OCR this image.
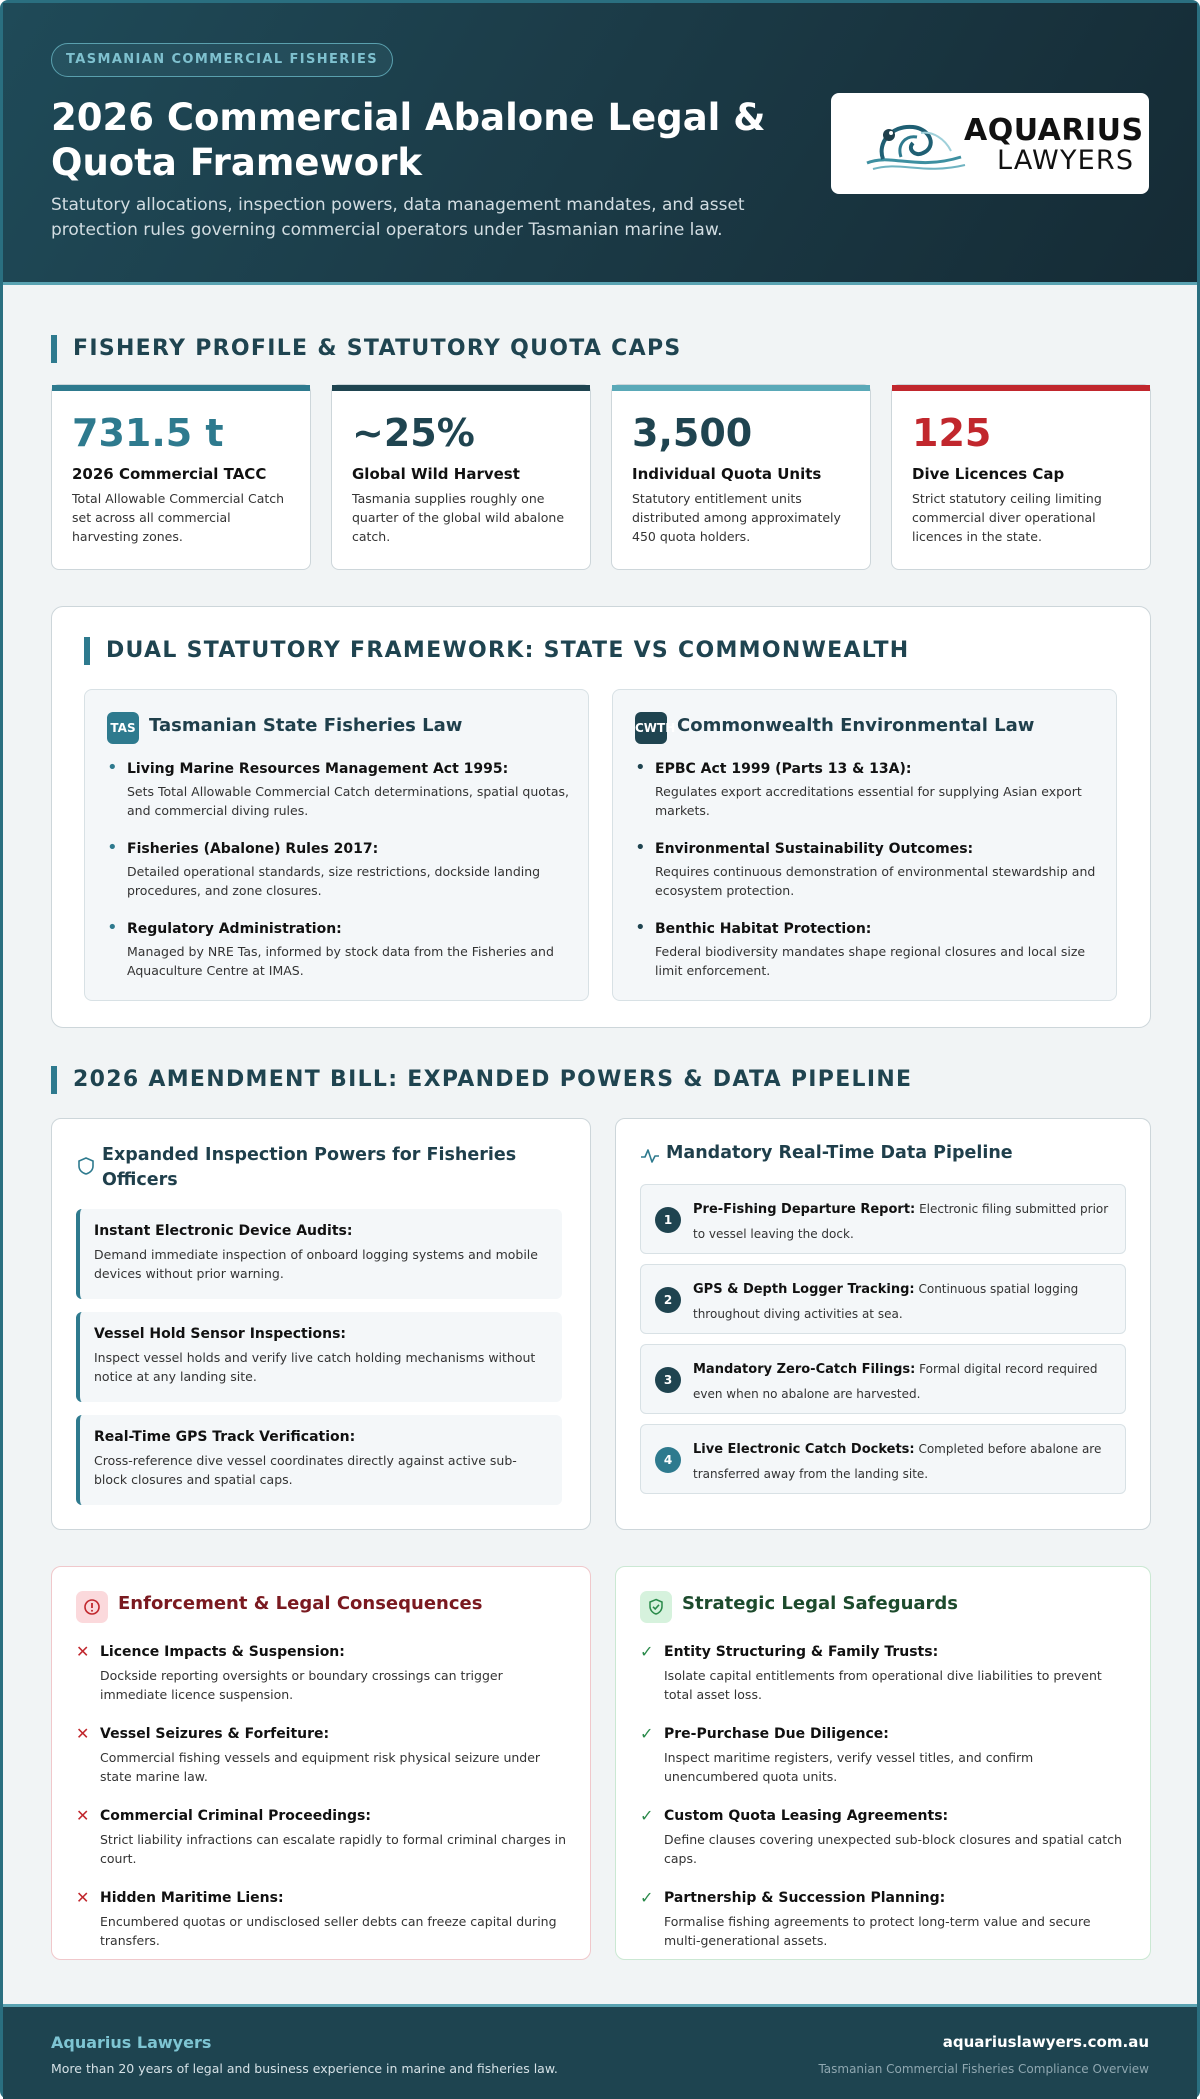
TASMANIAN COMMERCIAL FISHERIES
2026 Commercial Abalone Legal & Quota Framework
Statutory allocations, inspection powers, data management mandates, and asset protection rules governing commercial operators under Tasmanian marine law.
AQUARIUS
LAWYERS
FISHERY PROFILE & STATUTORY QUOTA CAPS
731.5 t
2026 Commercial TACC
Total Allowable Commercial Catch set across all commercial harvesting zones.
~25%
Global Wild Harvest
Tasmania supplies roughly one quarter of the global wild abalone catch.
3,500
Individual Quota Units
Statutory entitlement units distributed among approximately 450 quota holders.
125
Dive Licences Cap
Strict statutory ceiling limiting commercial diver operational licences in the state.
DUAL STATUTORY FRAMEWORK: STATE VS COMMONWEALTH
TAS Tasmanian State Fisheries Law
• Living Marine Resources Management Act 1995:
Sets Total Allowable Commercial Catch determinations, spatial quotas, and commercial diving rules.
• Fisheries (Abalone) Rules 2017:
Detailed operational standards, size restrictions, dockside landing procedures, and zone closures.
• Regulatory Administration:
Managed by NRE Tas, informed by stock data from the Fisheries and Aquaculture Centre at IMAS.
CWTH Commonwealth Environmental Law
• EPBC Act 1999 (Parts 13 & 13A):
Regulates export accreditations essential for supplying Asian export markets.
• Environmental Sustainability Outcomes:
Requires continuous demonstration of environmental stewardship and ecosystem protection.
• Benthic Habitat Protection:
Federal biodiversity mandates shape regional closures and local size limit enforcement.
2026 AMENDMENT BILL: EXPANDED POWERS & DATA PIPELINE
Expanded Inspection Powers for Fisheries Officers
Instant Electronic Device Audits:
Demand immediate inspection of onboard logging systems and mobile devices without prior warning.
Vessel Hold Sensor Inspections:
Inspect vessel holds and verify live catch holding mechanisms without notice at any landing site.
Real-Time GPS Track Verification:
Cross-reference dive vessel coordinates directly against active sub-block closures and spatial caps.
Mandatory Real-Time Data Pipeline
1
Pre-Fishing Departure Report: Electronic filing submitted prior to vessel leaving the dock.
2
GPS & Depth Logger Tracking: Continuous spatial logging throughout diving activities at sea.
3
Mandatory Zero-Catch Filings: Formal digital record required even when no abalone are harvested.
4
Live Electronic Catch Dockets: Completed before abalone are transferred away from the landing site.
Enforcement & Legal Consequences
✕ Licence Impacts & Suspension:
Dockside reporting oversights or boundary crossings can trigger immediate licence suspension.
✕ Vessel Seizures & Forfeiture:
Commercial fishing vessels and equipment risk physical seizure under state marine law.
✕ Commercial Criminal Proceedings:
Strict liability infractions can escalate rapidly to formal criminal charges in court.
✕ Hidden Maritime Liens:
Encumbered quotas or undisclosed seller debts can freeze capital during transfers.
Strategic Legal Safeguards
✓ Entity Structuring & Family Trusts:
Isolate capital entitlements from operational dive liabilities to prevent total asset loss.
✓ Pre-Purchase Due Diligence:
Inspect maritime registers, verify vessel titles, and confirm unencumbered quota units.
✓ Custom Quota Leasing Agreements:
Define clauses covering unexpected sub-block closures and spatial catch caps.
✓ Partnership & Succession Planning:
Formalise fishing agreements to protect long-term value and secure multi-generational assets.
Aquarius Lawyers
More than 20 years of legal and business experience in marine and fisheries law.
aquariuslawyers.com.au
Tasmanian Commercial Fisheries Compliance Overview
